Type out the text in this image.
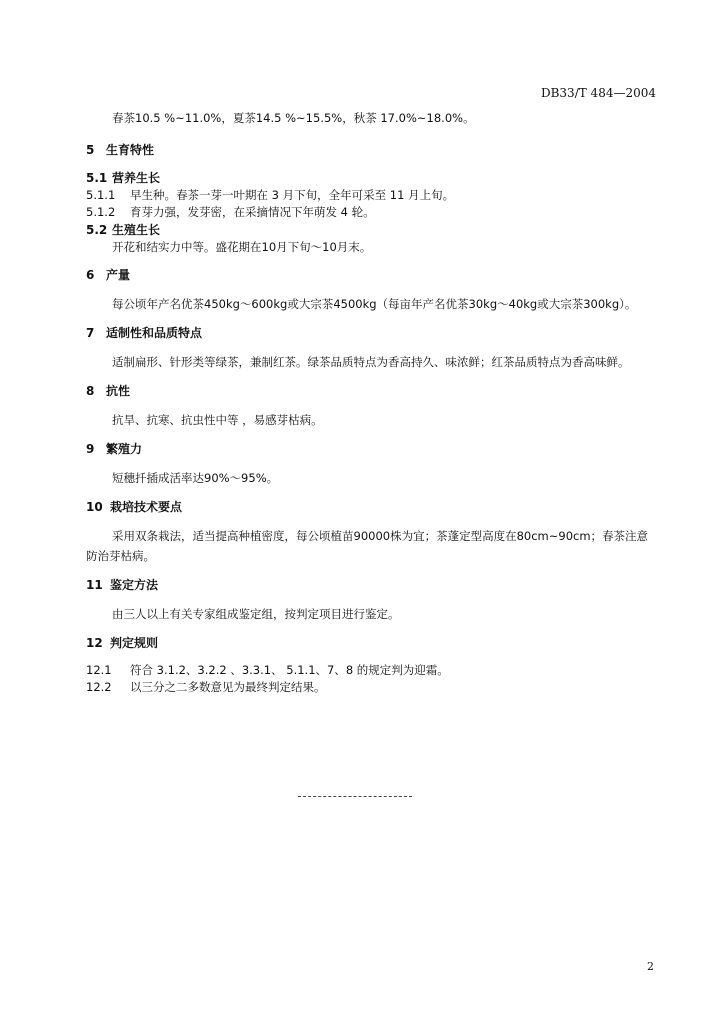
DB33/T 484—2004
春茶10.5 %~11.0%，夏茶14.5 %~15.5%，秋茶 17.0%~18.0%。
5 生育特性
5.1 营养生长
5.1.1 早生种。春茶一芽一叶期在 3 月下旬，全年可采至 11 月上旬。
5.1.2 育芽力强，发芽密，在采摘情况下年萌发 4 轮。
5.2 生殖生长
开花和结实力中等。盛花期在10月下旬～10月末。
6 产量

每公顷年产名优茶450kg～600kg或大宗茶4500kg（每亩年产名优茶30kg～40kg或大宗茶300kg）。

7 适制性和品质特点

适制扁形、针形类等绿茶，兼制红茶。绿茶品质特点为香高持久、味浓鲜；红茶品质特点为香高味鲜。

8 抗性

抗旱、抗寒、抗虫性中等 ，易感芽枯病。

9 繁殖力

短穗扦插成活率达90%～95%。

10 栽培技术要点

采用双条栽法，适当提高种植密度，每公顷植苗90000株为宜；茶蓬定型高度在80cm~90cm；春茶注意防治芽枯病。

11 鉴定方法

由三人以上有关专家组成鉴定组，按判定项目进行鉴定。

12 判定规则
12.1 符合 3.1.2、3.2.2 、3.3.1、 5.1.1、7、8 的规定判为迎霜。
12.2 以三分之二多数意见为最终判定结果。
2
